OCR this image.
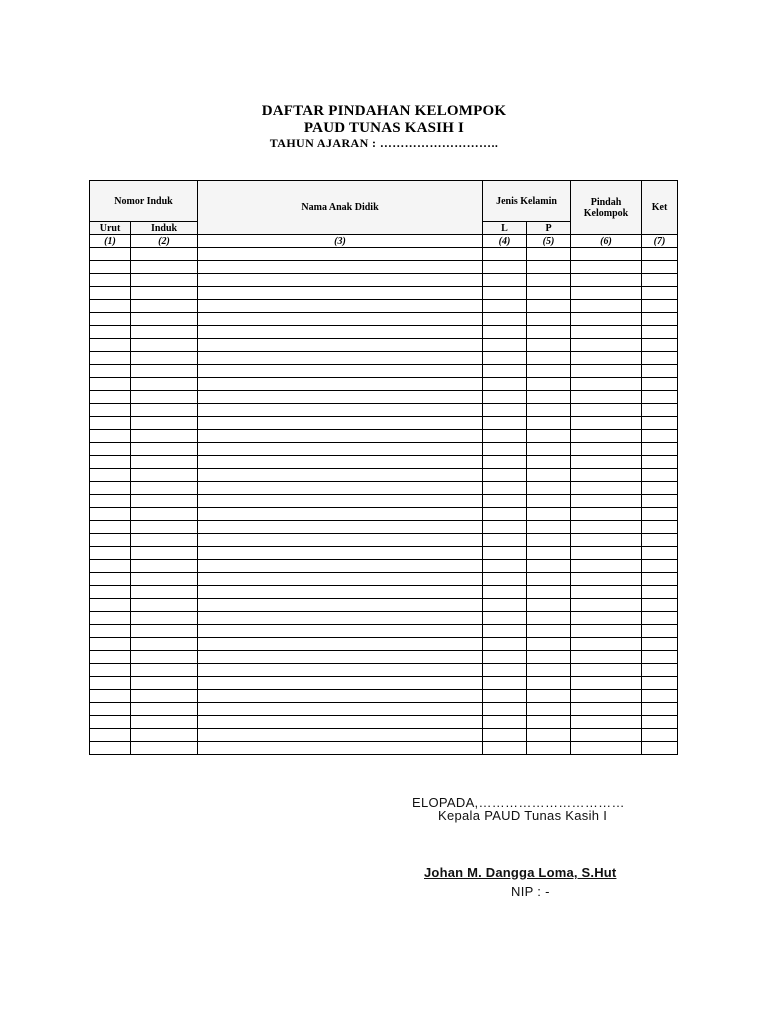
DAFTAR PINDAHAN KELOMPOK
PAUD TUNAS KASIH I
TAHUN AJARAN : ………………………..
Nomor Induk		Nama Anak Didik	Jenis Kelamin		Pindah Kelompok	Ket
Urut	Induk		L	P		
(1)	(2)	(3)	(4)	(5)	(6)	(7)

ELOPADA,……………………………
Kepala PAUD Tunas Kasih I
Johan M. Dangga Loma, S.Hut
NIP : -
